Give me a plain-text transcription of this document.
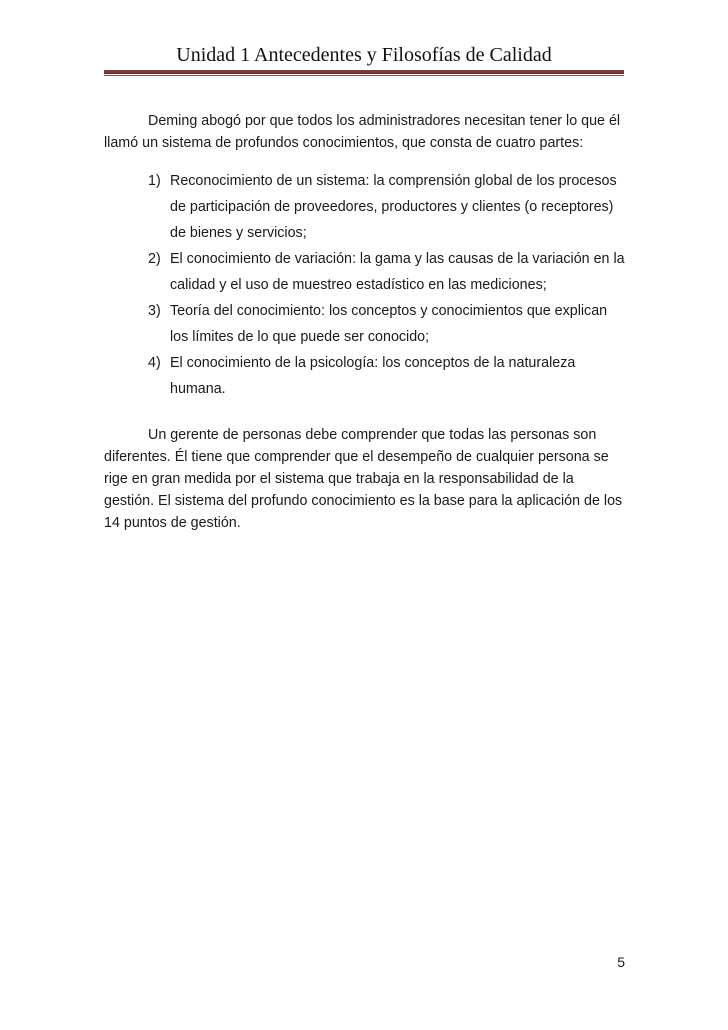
Unidad 1 Antecedentes y Filosofías de Calidad

Deming abogó por que todos los administradores necesitan tener lo que él llamó un sistema de profundos conocimientos, que consta de cuatro partes:

1) Reconocimiento de un sistema: la comprensión global de los procesos de participación de proveedores, productores y clientes (o receptores) de bienes y servicios;
2) El conocimiento de variación: la gama y las causas de la variación en la calidad y el uso de muestreo estadístico en las mediciones;
3) Teoría del conocimiento: los conceptos y conocimientos que explican los límites de lo que puede ser conocido;
4) El conocimiento de la psicología: los conceptos de la naturaleza humana.

Un gerente de personas debe comprender que todas las personas son diferentes. Él tiene que comprender que el desempeño de cualquier persona se rige en gran medida por el sistema que trabaja en la responsabilidad de la gestión. El sistema del profundo conocimiento es la base para la aplicación de los 14 puntos de gestión.

5
